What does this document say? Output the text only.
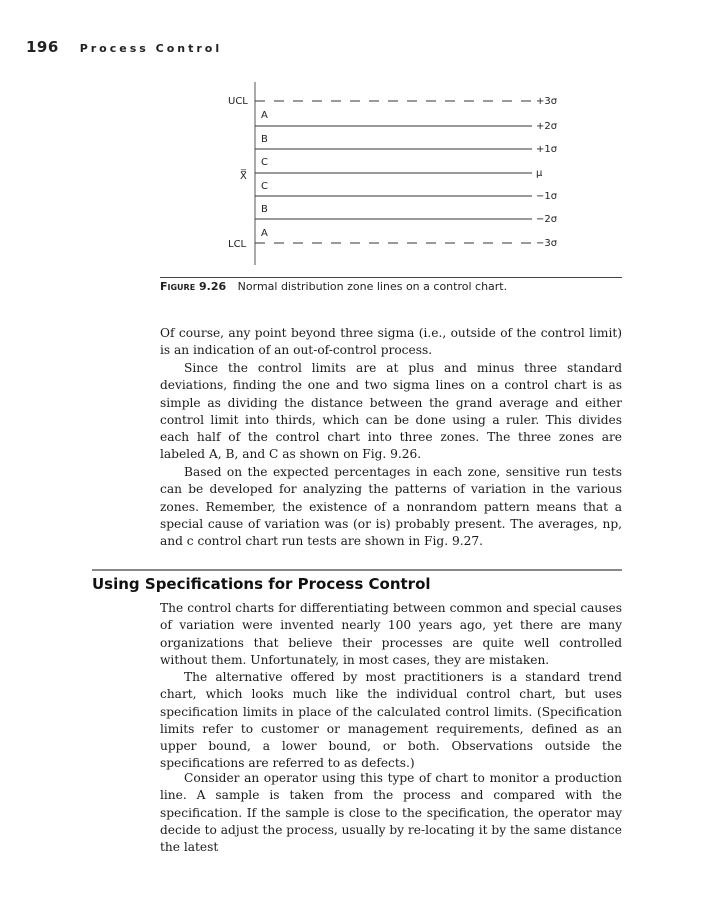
196 Process Control
UCL
X̿
LCL
A
B
C
C
B
A
+3σ
+2σ
+1σ
μ
−1σ
−2σ
−3σ
Figure 9.26 Normal distribution zone lines on a control chart.

Of course, any point beyond three sigma (i.e., outside of the control limit) is an indication of an out-of-control process.

Since the control limits are at plus and minus three standard deviations, finding the one and two sigma lines on a control chart is as simple as dividing the distance between the grand average and either control limit into thirds, which can be done using a ruler. This divides each half of the control chart into three zones. The three zones are labeled A, B, and C as shown on Fig. 9.26.

Based on the expected percentages in each zone, sensitive run tests can be developed for analyzing the patterns of variation in the various zones. Remember, the existence of a nonrandom pattern means that a special cause of variation was (or is) probably present. The averages, np, and c control chart run tests are shown in Fig. 9.27.

Using Specifications for Process Control

The control charts for differentiating between common and special causes of variation were invented nearly 100 years ago, yet there are many organizations that believe their processes are quite well controlled without them. Unfortunately, in most cases, they are mistaken.

The alternative offered by most practitioners is a standard trend chart, which looks much like the individual control chart, but uses specification limits in place of the calculated control limits. (Specification limits refer to customer or management requirements, defined as an upper bound, a lower bound, or both. Observations outside the specifications are referred to as defects.)

Consider an operator using this type of chart to monitor a production line. A sample is taken from the process and compared with the specification. If the sample is close to the specification, the operator may decide to adjust the process, usually by re-locating it by the same distance the latest
